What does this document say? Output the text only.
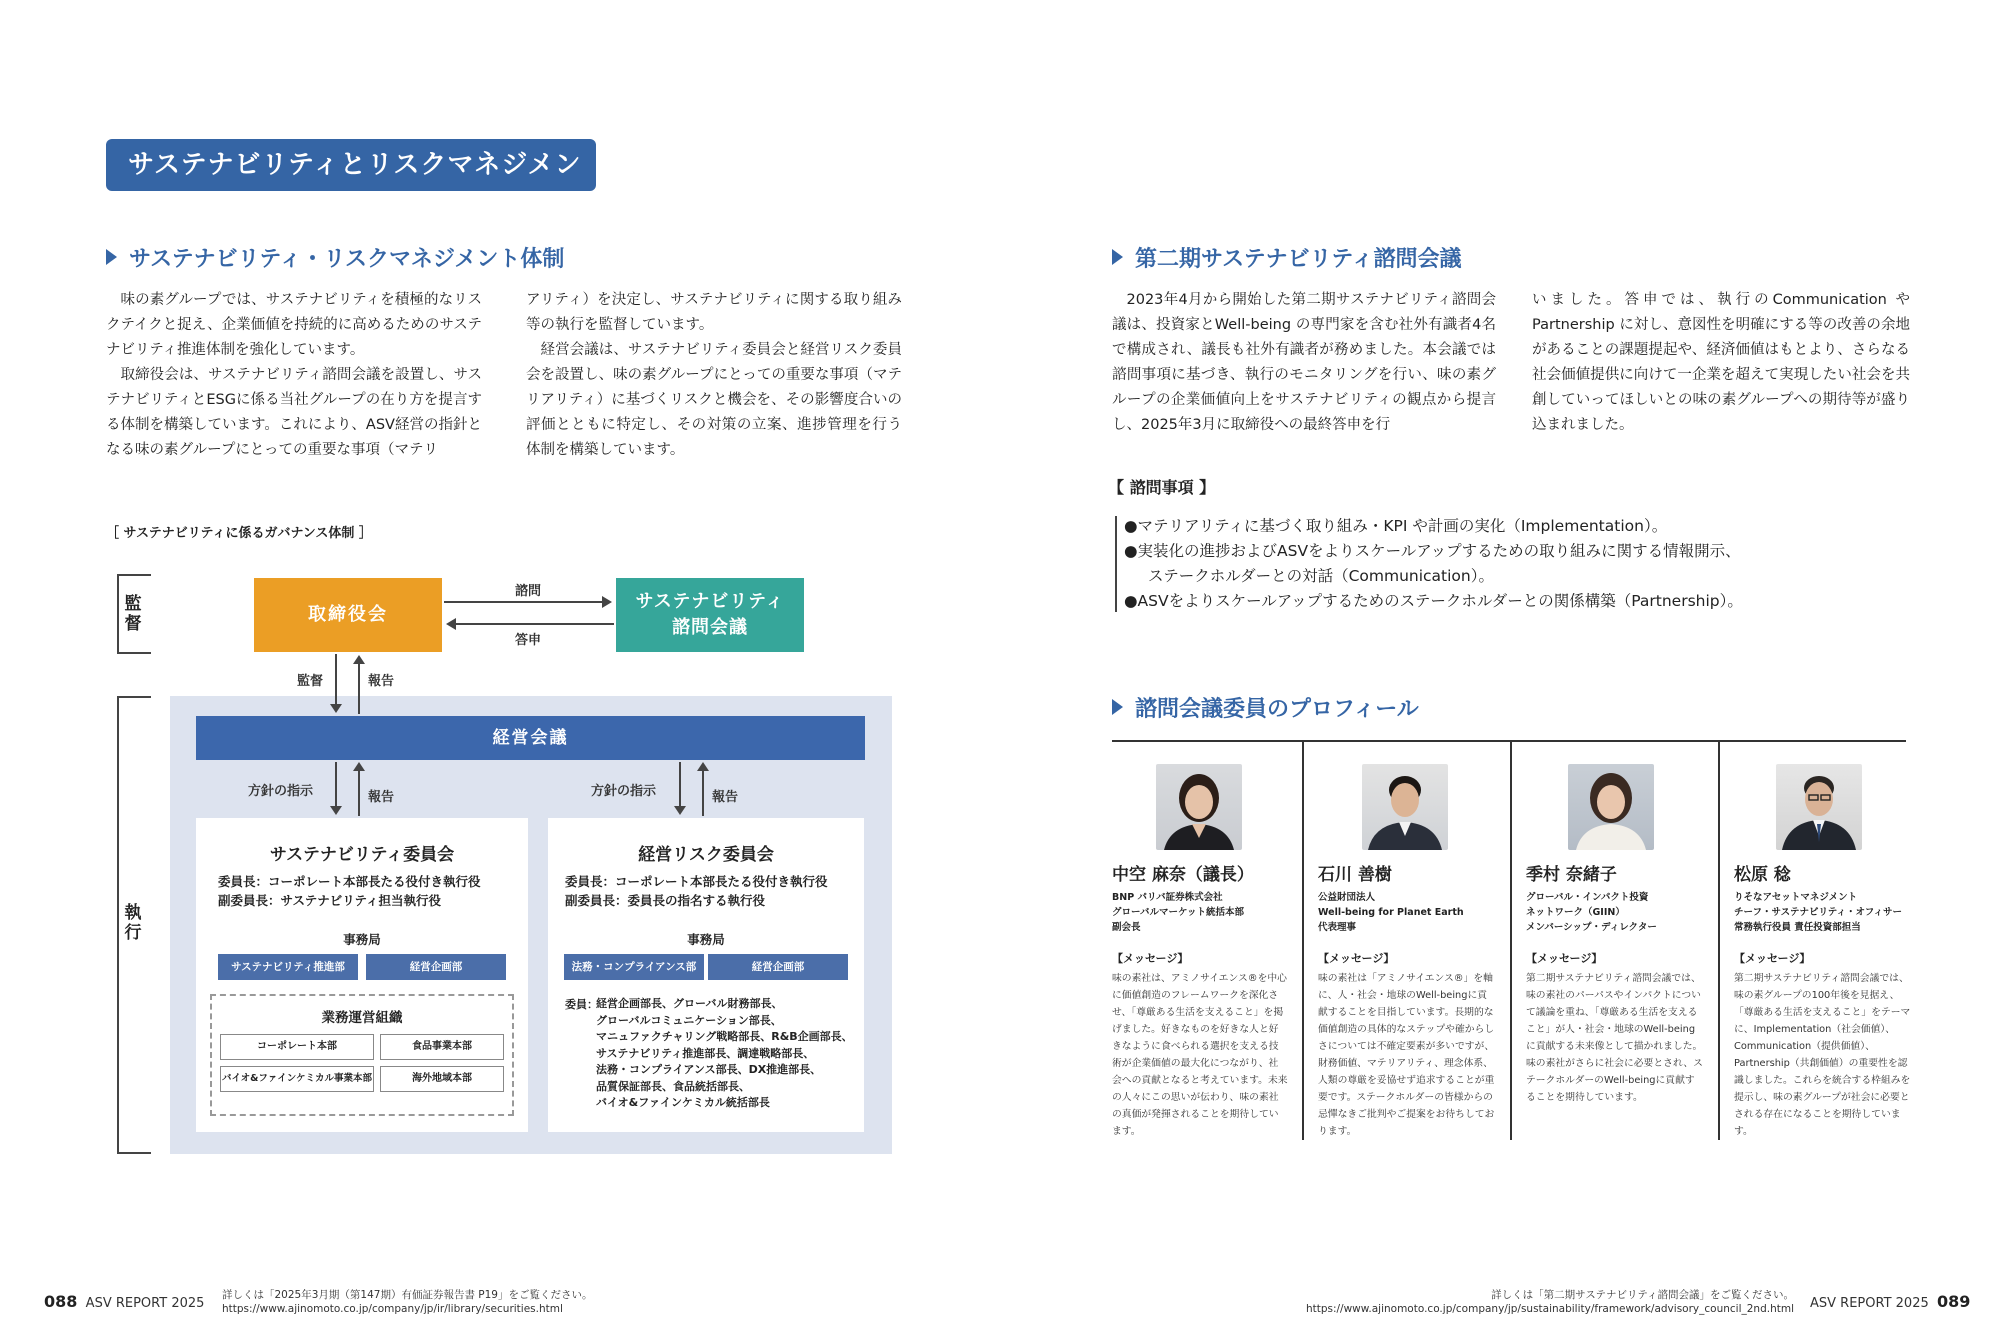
サステナビリティとリスクマネジメント
サステナビリティ・リスクマネジメント体制

味の素グループでは、サステナビリティを積極的なリスクテイクと捉え、企業価値を持続的に高めるためのサステナビリティ推進体制を強化しています。

取締役会は、サステナビリティ諮問会議を設置し、サステナビリティとESGに係る当社グループの在り方を提言する体制を構築しています。これにより、ASV経営の指針となる味の素グループにとっての重要な事項（マテリ

アリティ）を決定し、サステナビリティに関する取り組み等の執行を監督しています。

経営会議は、サステナビリティ委員会と経営リスク委員会を設置し、味の素グループにとっての重要な事項（マテリアリティ）に基づくリスクと機会を、その影響度合いの評価とともに特定し、その対策の立案、進捗管理を行う体制を構築しています。

［ サステナビリティに係るガバナンス体制 ］
監督
執行
取締役会
サステナビリティ
諮問会議
諮問
答申
監督	報告
経営会議
方針の指示	報告	方針の指示	報告
サステナビリティ委員会
委員長：コーポレート本部長たる役付き執行役
副委員長：サステナビリティ担当執行役
事務局
サステナビリティ推進部	経営企画部
業務運営組織
コーポレート本部	食品事業本部
バイオ&ファインケミカル事業本部	海外地域本部
経営リスク委員会
委員長：コーポレート本部長たる役付き執行役
副委員長：委員長の指名する執行役
事務局
法務・コンプライアンス部	経営企画部
委員：
経営企画部長、グローバル財務部長、
グローバルコミュニケーション部長、
マニュファクチャリング戦略部長、R&B企画部長、
サステナビリティ推進部長、調達戦略部長、
法務・コンプライアンス部長、DX推進部長、
品質保証部長、食品統括部長、
バイオ&ファインケミカル統括部長
第二期サステナビリティ諮問会議

2023年4月から開始した第二期サステナビリティ諮問会議は、投資家とWell-being の専門家を含む社外有識者4名で構成され、議長も社外有識者が務めました。本会議では諮問事項に基づき、執行のモニタリングを行い、味の素グループの企業価値向上をサステナビリティの観点から提言し、2025年3月に取締役への最終答申を行

いました。答申では、執行のCommunication やPartnership に対し、意図性を明確にする等の改善の余地があることの課題提起や、経済価値はもとより、さらなる社会価値提供に向けて一企業を超えて実現したい社会を共創していってほしいとの味の素グループへの期待等が盛り込まれました。
【 諮問事項 】
●マテリアリティに基づく取り組み・KPI や計画の実化（Implementation）。
●実装化の進捗およびASVをよりスケールアップするための取り組みに関する情報開示、
ステークホルダーとの対話（Communication）。
●ASVをよりスケールアップするためのステークホルダーとの関係構築（Partnership）。
諮問会議委員のプロフィール
中空 麻奈（議長）
BNP パリバ証券株式会社
グローバルマーケット統括本部
副会長
【メッセージ】
味の素社は、アミノサイエンス®を中心に価値創造のフレームワークを深化させ、「尊厳ある生活を支えること」を掲げました。好きなものを好きな人と好きなように食べられる選択を支える技術が企業価値の最大化につながり、社会への貢献となると考えています。未来の人々にこの思いが伝わり、味の素社の真価が発揮されることを期待しています。
石川 善樹
公益財団法人
Well-being for Planet Earth
代表理事
【メッセージ】
味の素社は「アミノサイエンス®」を軸に、人・社会・地球のWell-beingに貢献することを目指しています。長期的な価値創造の具体的なステップや確からしさについては不確定要素が多いですが、財務価値、マテリアリティ、理念体系、人類の尊厳を妥協せず追求することが重要です。ステークホルダーの皆様からの忌憚なきご批判やご提案をお待ちしております。
季村 奈緒子
グローバル・インパクト投資
ネットワーク（GIIN）
メンバーシップ・ディレクター
【メッセージ】
第二期サステナビリティ諮問会議では、味の素社のパーパスやインパクトについて議論を重ね、「尊厳ある生活を支えること」が人・社会・地球のWell-beingに貢献する未来像として描かれました。味の素社がさらに社会に必要とされ、ステークホルダーのWell-beingに貢献することを期待しています。
松原 稔
りそなアセットマネジメント
チーフ・サステナビリティ・オフィサー
常務執行役員 責任投資部担当
【メッセージ】
第二期サステナビリティ諮問会議では、味の素グループの100年後を見据え、「尊厳ある生活を支えること」をテーマに、Implementation（社会価値）、Communication（提供価値）、Partnership（共創価値）の重要性を認識しました。これらを統合する枠組みを提示し、味の素グループが社会に必要とされる存在になることを期待しています。
088 ASV REPORT 2025
詳しくは「2025年3月期（第147期）有価証券報告書 P19」をご覧ください。
https://www.ajinomoto.co.jp/company/jp/ir/library/securities.html
詳しくは「第二期サステナビリティ諮問会議」をご覧ください。
https://www.ajinomoto.co.jp/company/jp/sustainability/framework/advisory_council_2nd.html ASV REPORT 2025 089
